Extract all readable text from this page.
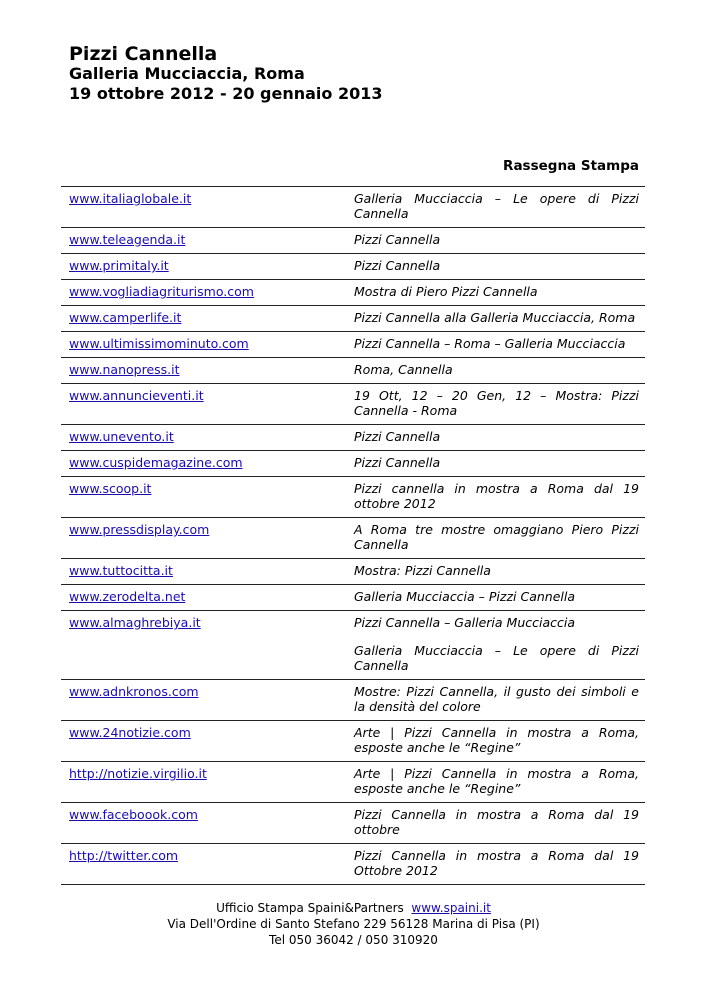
Pizzi Cannella
Galleria Mucciaccia, Roma
19 ottobre 2012 - 20 gennaio 2013
Rassegna Stampa
www.italiaglobale.it	Galleria Mucciaccia – Le opere di Pizzi Cannella
www.teleagenda.it	Pizzi Cannella
www.primitaly.it	Pizzi Cannella
www.vogliadiagriturismo.com	Mostra di Piero Pizzi Cannella
www.camperlife.it	Pizzi Cannella alla Galleria Mucciaccia, Roma
www.ultimissimominuto.com	Pizzi Cannella – Roma – Galleria Mucciaccia
www.nanopress.it	Roma, Cannella
www.annuncieventi.it	19 Ott, 12 – 20 Gen, 12 – Mostra: Pizzi Cannella - Roma
www.unevento.it	Pizzi Cannella
www.cuspidemagazine.com	Pizzi Cannella
www.scoop.it	Pizzi cannella in mostra a Roma dal 19 ottobre 2012
www.pressdisplay.com	A Roma tre mostre omaggiano Piero Pizzi Cannella
www.tuttocitta.it	Mostra: Pizzi Cannella
www.zerodelta.net	Galleria Mucciaccia – Pizzi Cannella
www.almaghrebiya.it	Pizzi Cannella – Galleria Mucciaccia
Galleria Mucciaccia – Le opere di Pizzi Cannella

www.adnkronos.com	Mostre: Pizzi Cannella, il gusto dei simboli e la densità del colore
www.24notizie.com	Arte | Pizzi Cannella in mostra a Roma, esposte anche le “Regine”
http://notizie.virgilio.it	Arte | Pizzi Cannella in mostra a Roma, esposte anche le “Regine”
www.faceboook.com	Pizzi Cannella in mostra a Roma dal 19 ottobre
http://twitter.com	Pizzi Cannella in mostra a Roma dal 19 Ottobre 2012
Ufficio Stampa Spaini&Partners www.spaini.it
Via Dell'Ordine di Santo Stefano 229 56128 Marina di Pisa (PI)
Tel 050 36042 / 050 310920
